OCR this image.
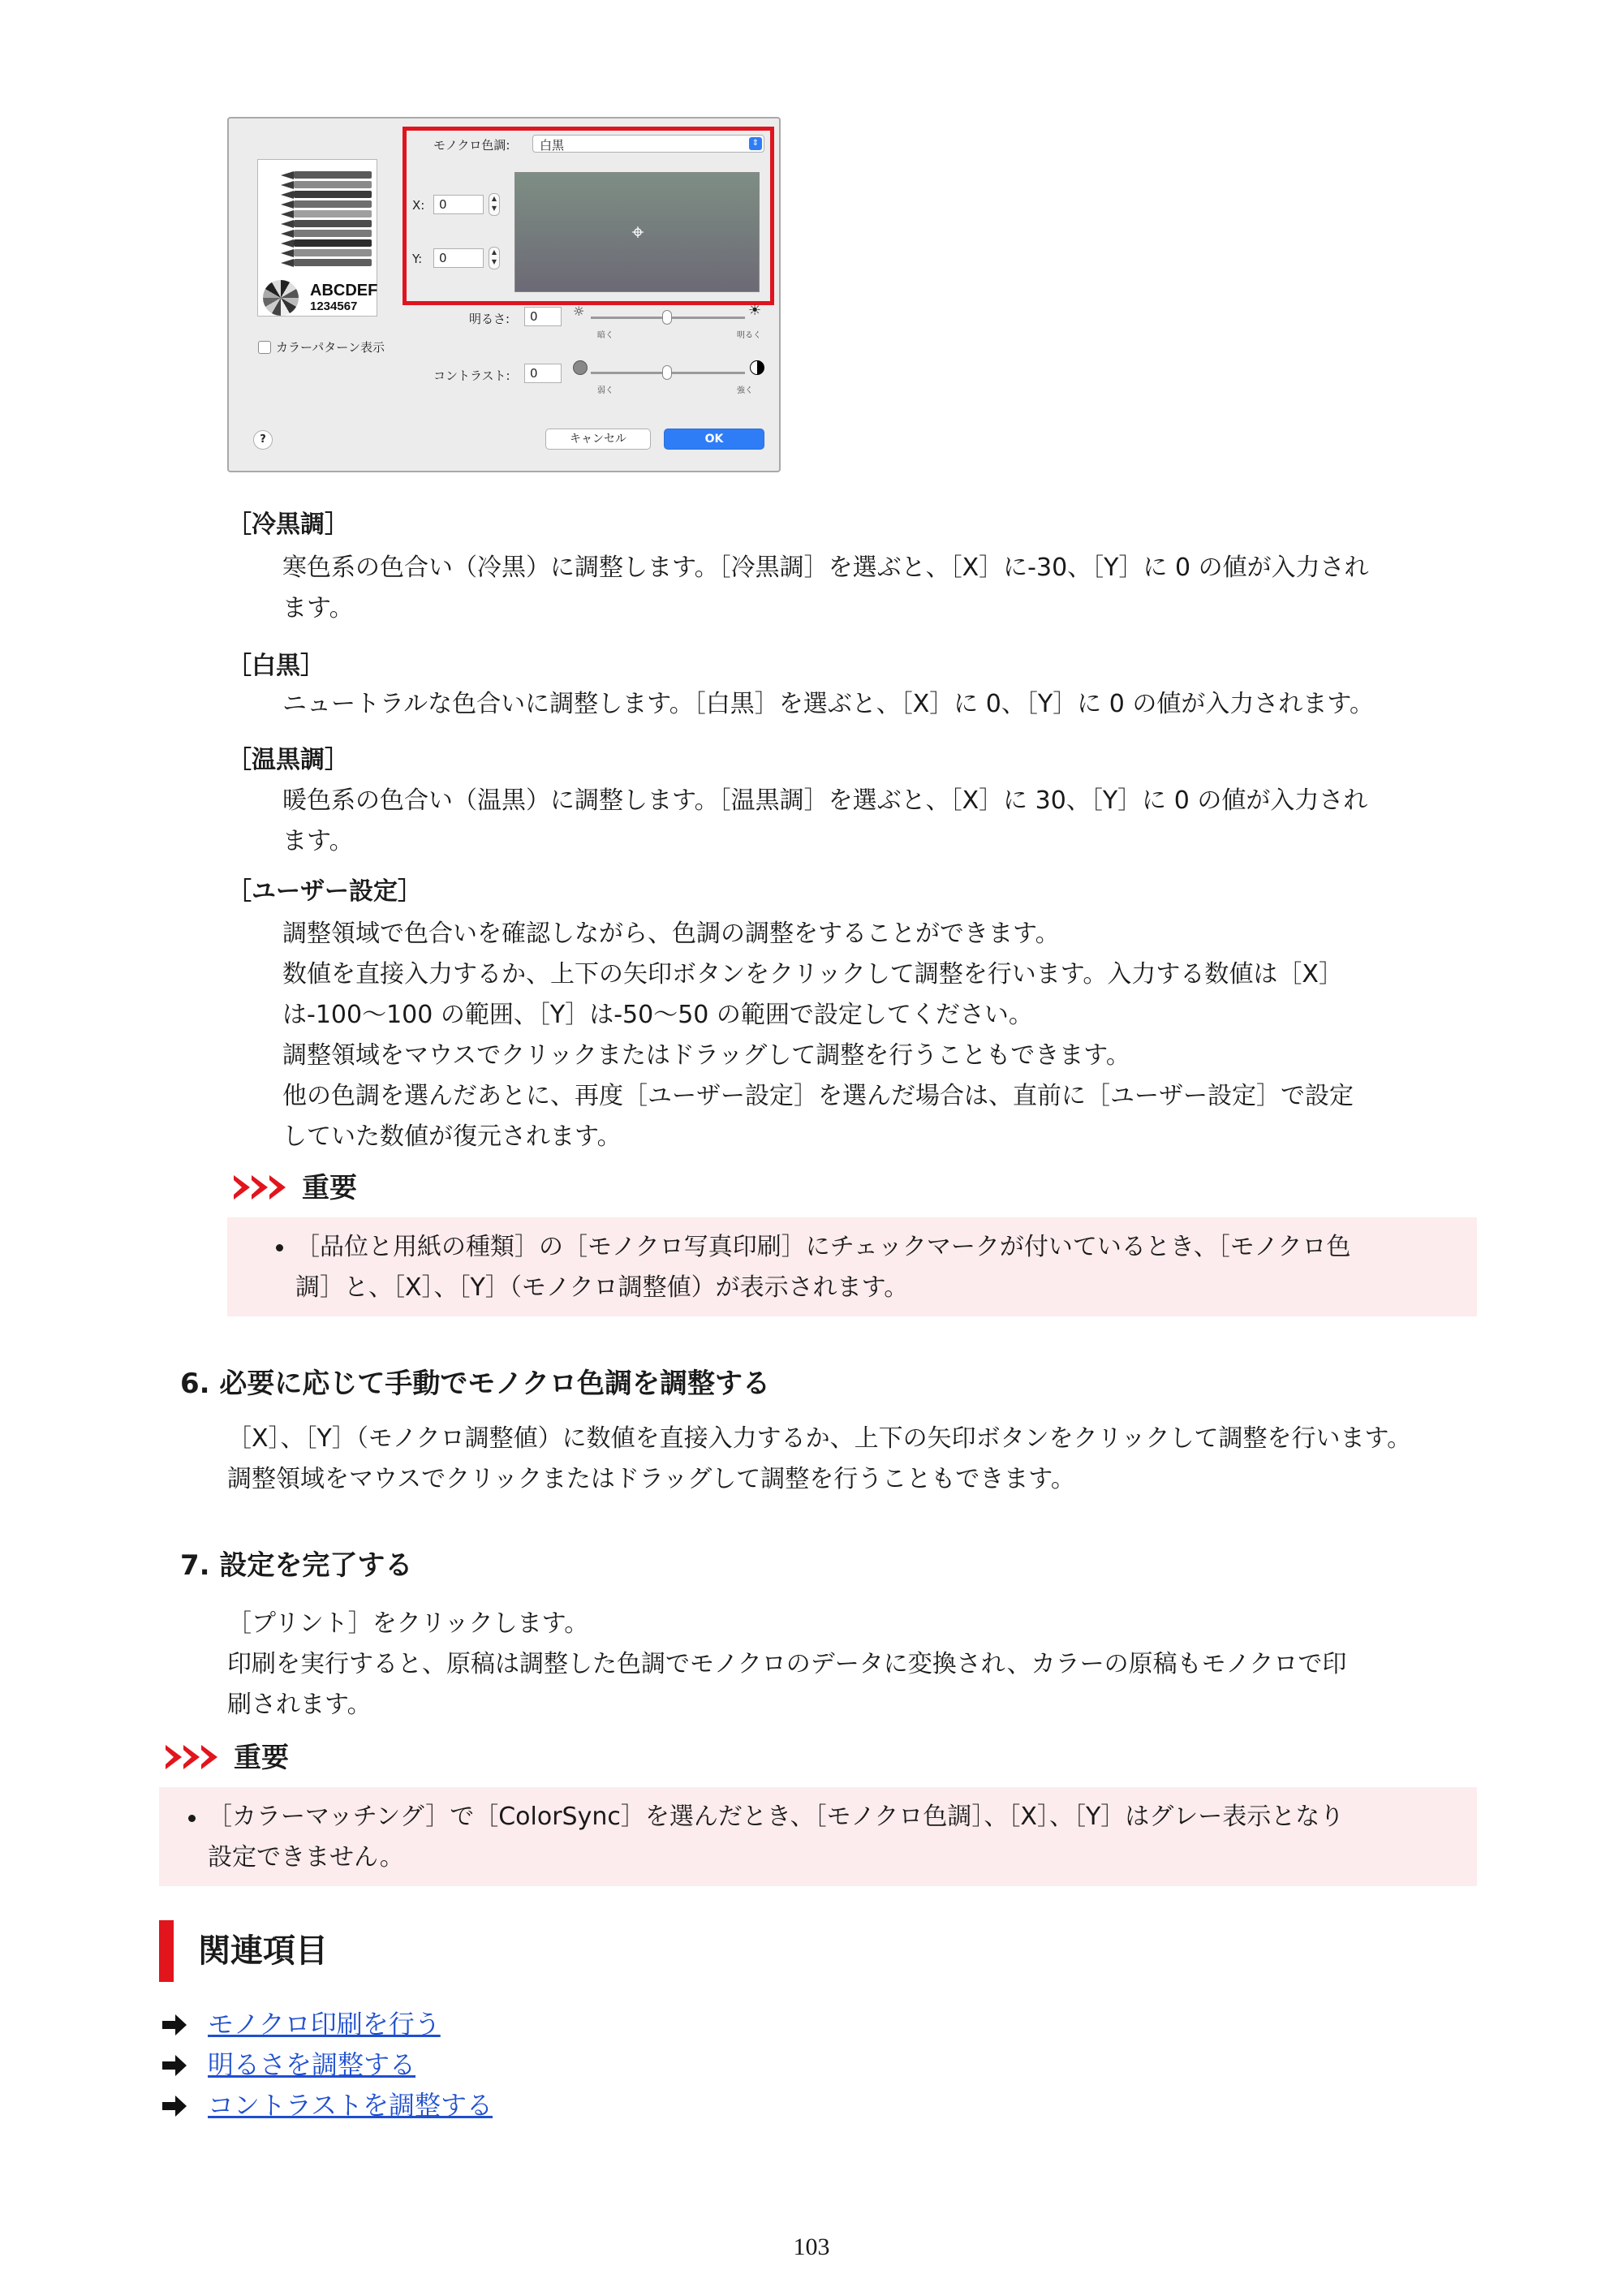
ABCDEF
1234567
カラーパターン表示
モノクロ色調: 白黒	⇕
X: 0	▲
▼
Y: 0	▲
▼
明るさ: 0	☼	☀
暗く	明るく
コントラスト: 0
弱く	強く
?	キャンセル	OK
［冷黒調］
寒色系の色合い（冷黒）に調整します。［冷黒調］を選ぶと、［X］に-30、［Y］に 0 の値が入力され
ます。
［白黒］
ニュートラルな色合いに調整します。［白黒］を選ぶと、［X］に 0、［Y］に 0 の値が入力されます。
［温黒調］
暖色系の色合い（温黒）に調整します。［温黒調］を選ぶと、［X］に 30、［Y］に 0 の値が入力され
ます。
［ユーザー設定］
調整領域で色合いを確認しながら、色調の調整をすることができます。
数値を直接入力するか、上下の矢印ボタンをクリックして調整を行います。入力する数値は［X］
は-100〜100 の範囲、［Y］は-50〜50 の範囲で設定してください。
調整領域をマウスでクリックまたはドラッグして調整を行うこともできます。
他の色調を選んだあとに、再度［ユーザー設定］を選んだ場合は、直前に［ユーザー設定］で設定
していた数値が復元されます。
重要
［品位と用紙の種類］の［モノクロ写真印刷］にチェックマークが付いているとき、［モノクロ色
調］と、［X］、［Y］（モノクロ調整値）が表示されます。
6. 必要に応じて手動でモノクロ色調を調整する
［X］、［Y］（モノクロ調整値）に数値を直接入力するか、上下の矢印ボタンをクリックして調整を行います。
調整領域をマウスでクリックまたはドラッグして調整を行うこともできます。
7. 設定を完了する
［プリント］をクリックします。
印刷を実行すると、原稿は調整した色調でモノクロのデータに変換され、カラーの原稿もモノクロで印
刷されます。
重要
［カラーマッチング］で［ColorSync］を選んだとき、［モノクロ色調］、［X］、［Y］はグレー表示となり
設定できません。
関連項目
モノクロ印刷を行う
明るさを調整する
コントラストを調整する
103
